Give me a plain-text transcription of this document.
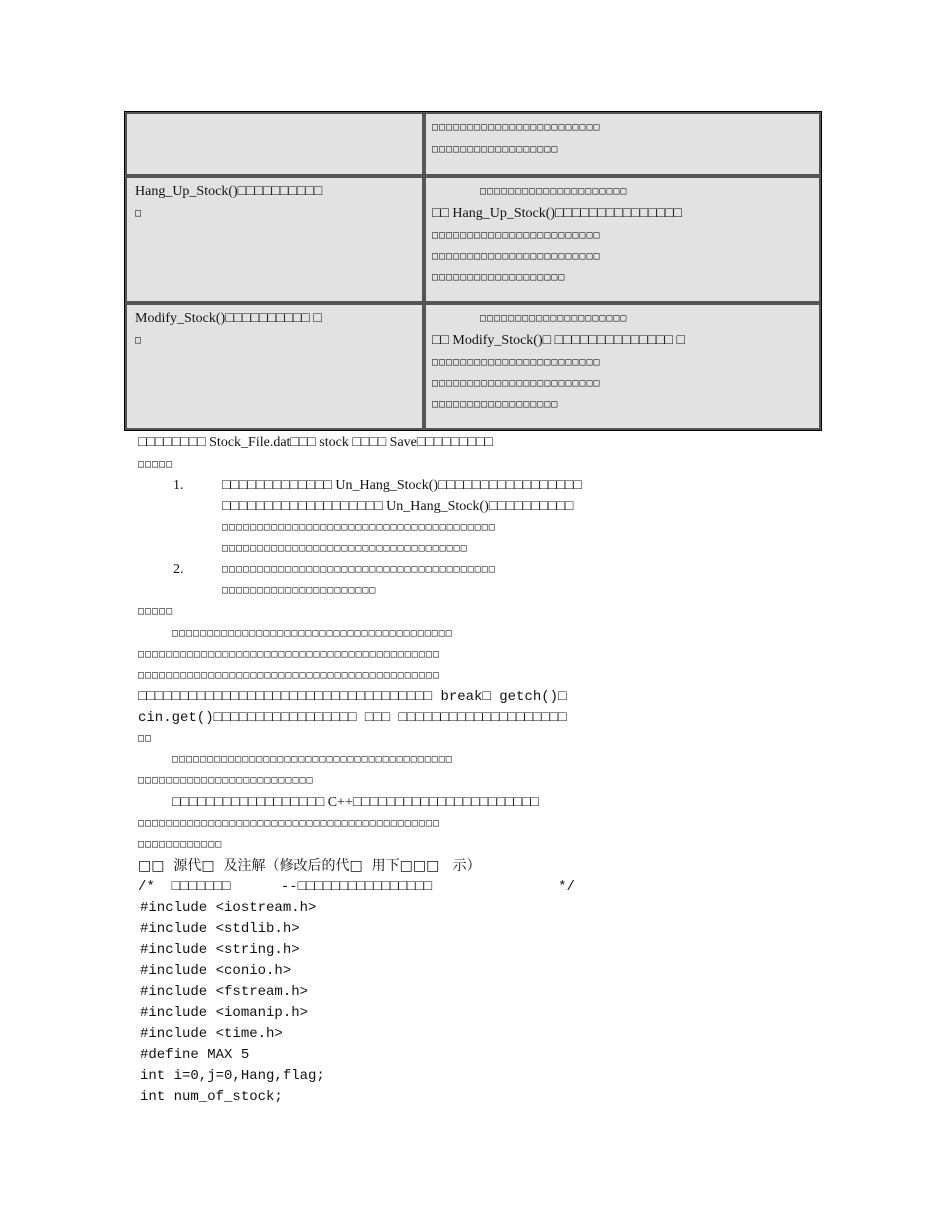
□□□□□□□□□□□□□□□□□□□□□□□□
□□□□□□□□□□□□□□□□□□
Hang_Up_Stock()□□□□□□□□□□
□
□□□□□□□□□□□□□□□□□□□□□
□□ Hang_Up_Stock()□□□□□□□□□□□□□□□
□□□□□□□□□□□□□□□□□□□□□□□□
□□□□□□□□□□□□□□□□□□□□□□□□
□□□□□□□□□□□□□□□□□□□
Modify_Stock()□□□□□□□□□□ □
□
□□□□□□□□□□□□□□□□□□□□□
□□ Modify_Stock()□ □□□□□□□□□□□□□□ □
□□□□□□□□□□□□□□□□□□□□□□□□
□□□□□□□□□□□□□□□□□□□□□□□□
□□□□□□□□□□□□□□□□□□
□□□□□□□□ Stock_File.dat□□□ stock □□□□ Save□□□□□□□□□
□□□□□
1.	□□□□□□□□□□□□□ Un_Hang_Stock()□□□□□□□□□□□□□□□□□
□□□□□□□□□□□□□□□□□□□ Un_Hang_Stock()□□□□□□□□□□
□□□□□□□□□□□□□□□□□□□□□□□□□□□□□□□□□□□□□□□
□□□□□□□□□□□□□□□□□□□□□□□□□□□□□□□□□□□
2.	□□□□□□□□□□□□□□□□□□□□□□□□□□□□□□□□□□□□□□□
□□□□□□□□□□□□□□□□□□□□□□
□□□□□
□□□□□□□□□□□□□□□□□□□□□□□□□□□□□□□□□□□□□□□□
□□□□□□□□□□□□□□□□□□□□□□□□□□□□□□□□□□□□□□□□□□□
□□□□□□□□□□□□□□□□□□□□□□□□□□□□□□□□□□□□□□□□□□□
□□□□□□□□□□□□□□□□□□□□□□□□□□□□□□□□□□□ break□ getch()□
cin.get()□□□□□□□□□□□□□□□□□ □□□ □□□□□□□□□□□□□□□□□□□□
□□
□□□□□□□□□□□□□□□□□□□□□□□□□□□□□□□□□□□□□□□□
□□□□□□□□□□□□□□□□□□□□□□□□□
□□□□□□□□□□□□□□□□□□ C++□□□□□□□□□□□□□□□□□□□□□□
□□□□□□□□□□□□□□□□□□□□□□□□□□□□□□□□□□□□□□□□□□□
□□□□□□□□□□□□
□□  源代□  及注解（修改后的代□  用下□□□   示）
/*  □□□□□□□      --□□□□□□□□□□□□□□□□               */
#include <iostream.h>
#include <stdlib.h>
#include <string.h>
#include <conio.h>
#include <fstream.h>
#include <iomanip.h>
#include <time.h>
#define MAX 5
int i=0,j=0,Hang,flag;
int num_of_stock;
